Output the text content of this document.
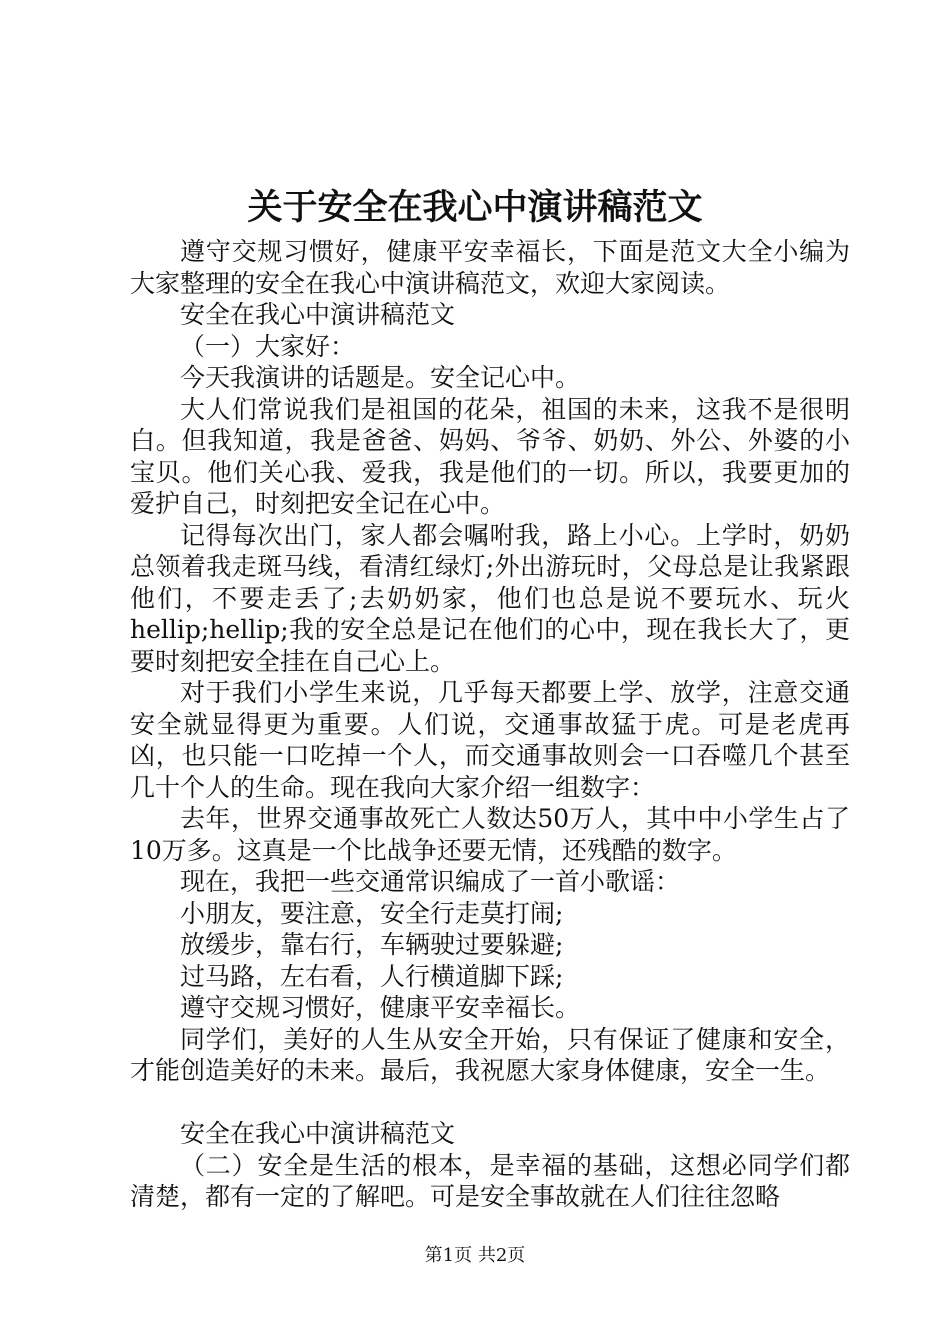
关于安全在我心中演讲稿范文

遵守交规习惯好，健康平安幸福长，下面是范文大全小编为大家整理的安全在我心中演讲稿范文，欢迎大家阅读。

安全在我心中演讲稿范文

（一）大家好：

今天我演讲的话题是。安全记心中。

大人们常说我们是祖国的花朵，祖国的未来，这我不是很明白。但我知道，我是爸爸、妈妈、爷爷、奶奶、外公、外婆的小宝贝。他们关心我、爱我，我是他们的一切。所以，我要更加的爱护自己，时刻把安全记在心中。

记得每次出门，家人都会嘱咐我，路上小心。上学时，奶奶总领着我走斑马线，看清红绿灯;外出游玩时，父母总是让我紧跟他们，不要走丢了;去奶奶家，他们也总是说不要玩水、玩火hellip;hellip;我的安全总是记在他们的心中，现在我长大了，更要时刻把安全挂在自己心上。

对于我们小学生来说，几乎每天都要上学、放学，注意交通安全就显得更为重要。人们说，交通事故猛于虎。可是老虎再凶，也只能一口吃掉一个人，而交通事故则会一口吞噬几个甚至几十个人的生命。现在我向大家介绍一组数字：

去年，世界交通事故死亡人数达50万人，其中中小学生占了10万多。这真是一个比战争还要无情，还残酷的数字。

现在，我把一些交通常识编成了一首小歌谣：

小朋友，要注意，安全行走莫打闹;

放缓步，靠右行，车辆驶过要躲避;

过马路，左右看，人行横道脚下踩;

遵守交规习惯好，健康平安幸福长。

同学们，美好的人生从安全开始，只有保证了健康和安全，才能创造美好的未来。最后，我祝愿大家身体健康，安全一生。

安全在我心中演讲稿范文

（二）安全是生活的根本，是幸福的基础，这想必同学们都清楚，都有一定的了解吧。可是安全事故就在人们往往忽略

第1页 共2页
